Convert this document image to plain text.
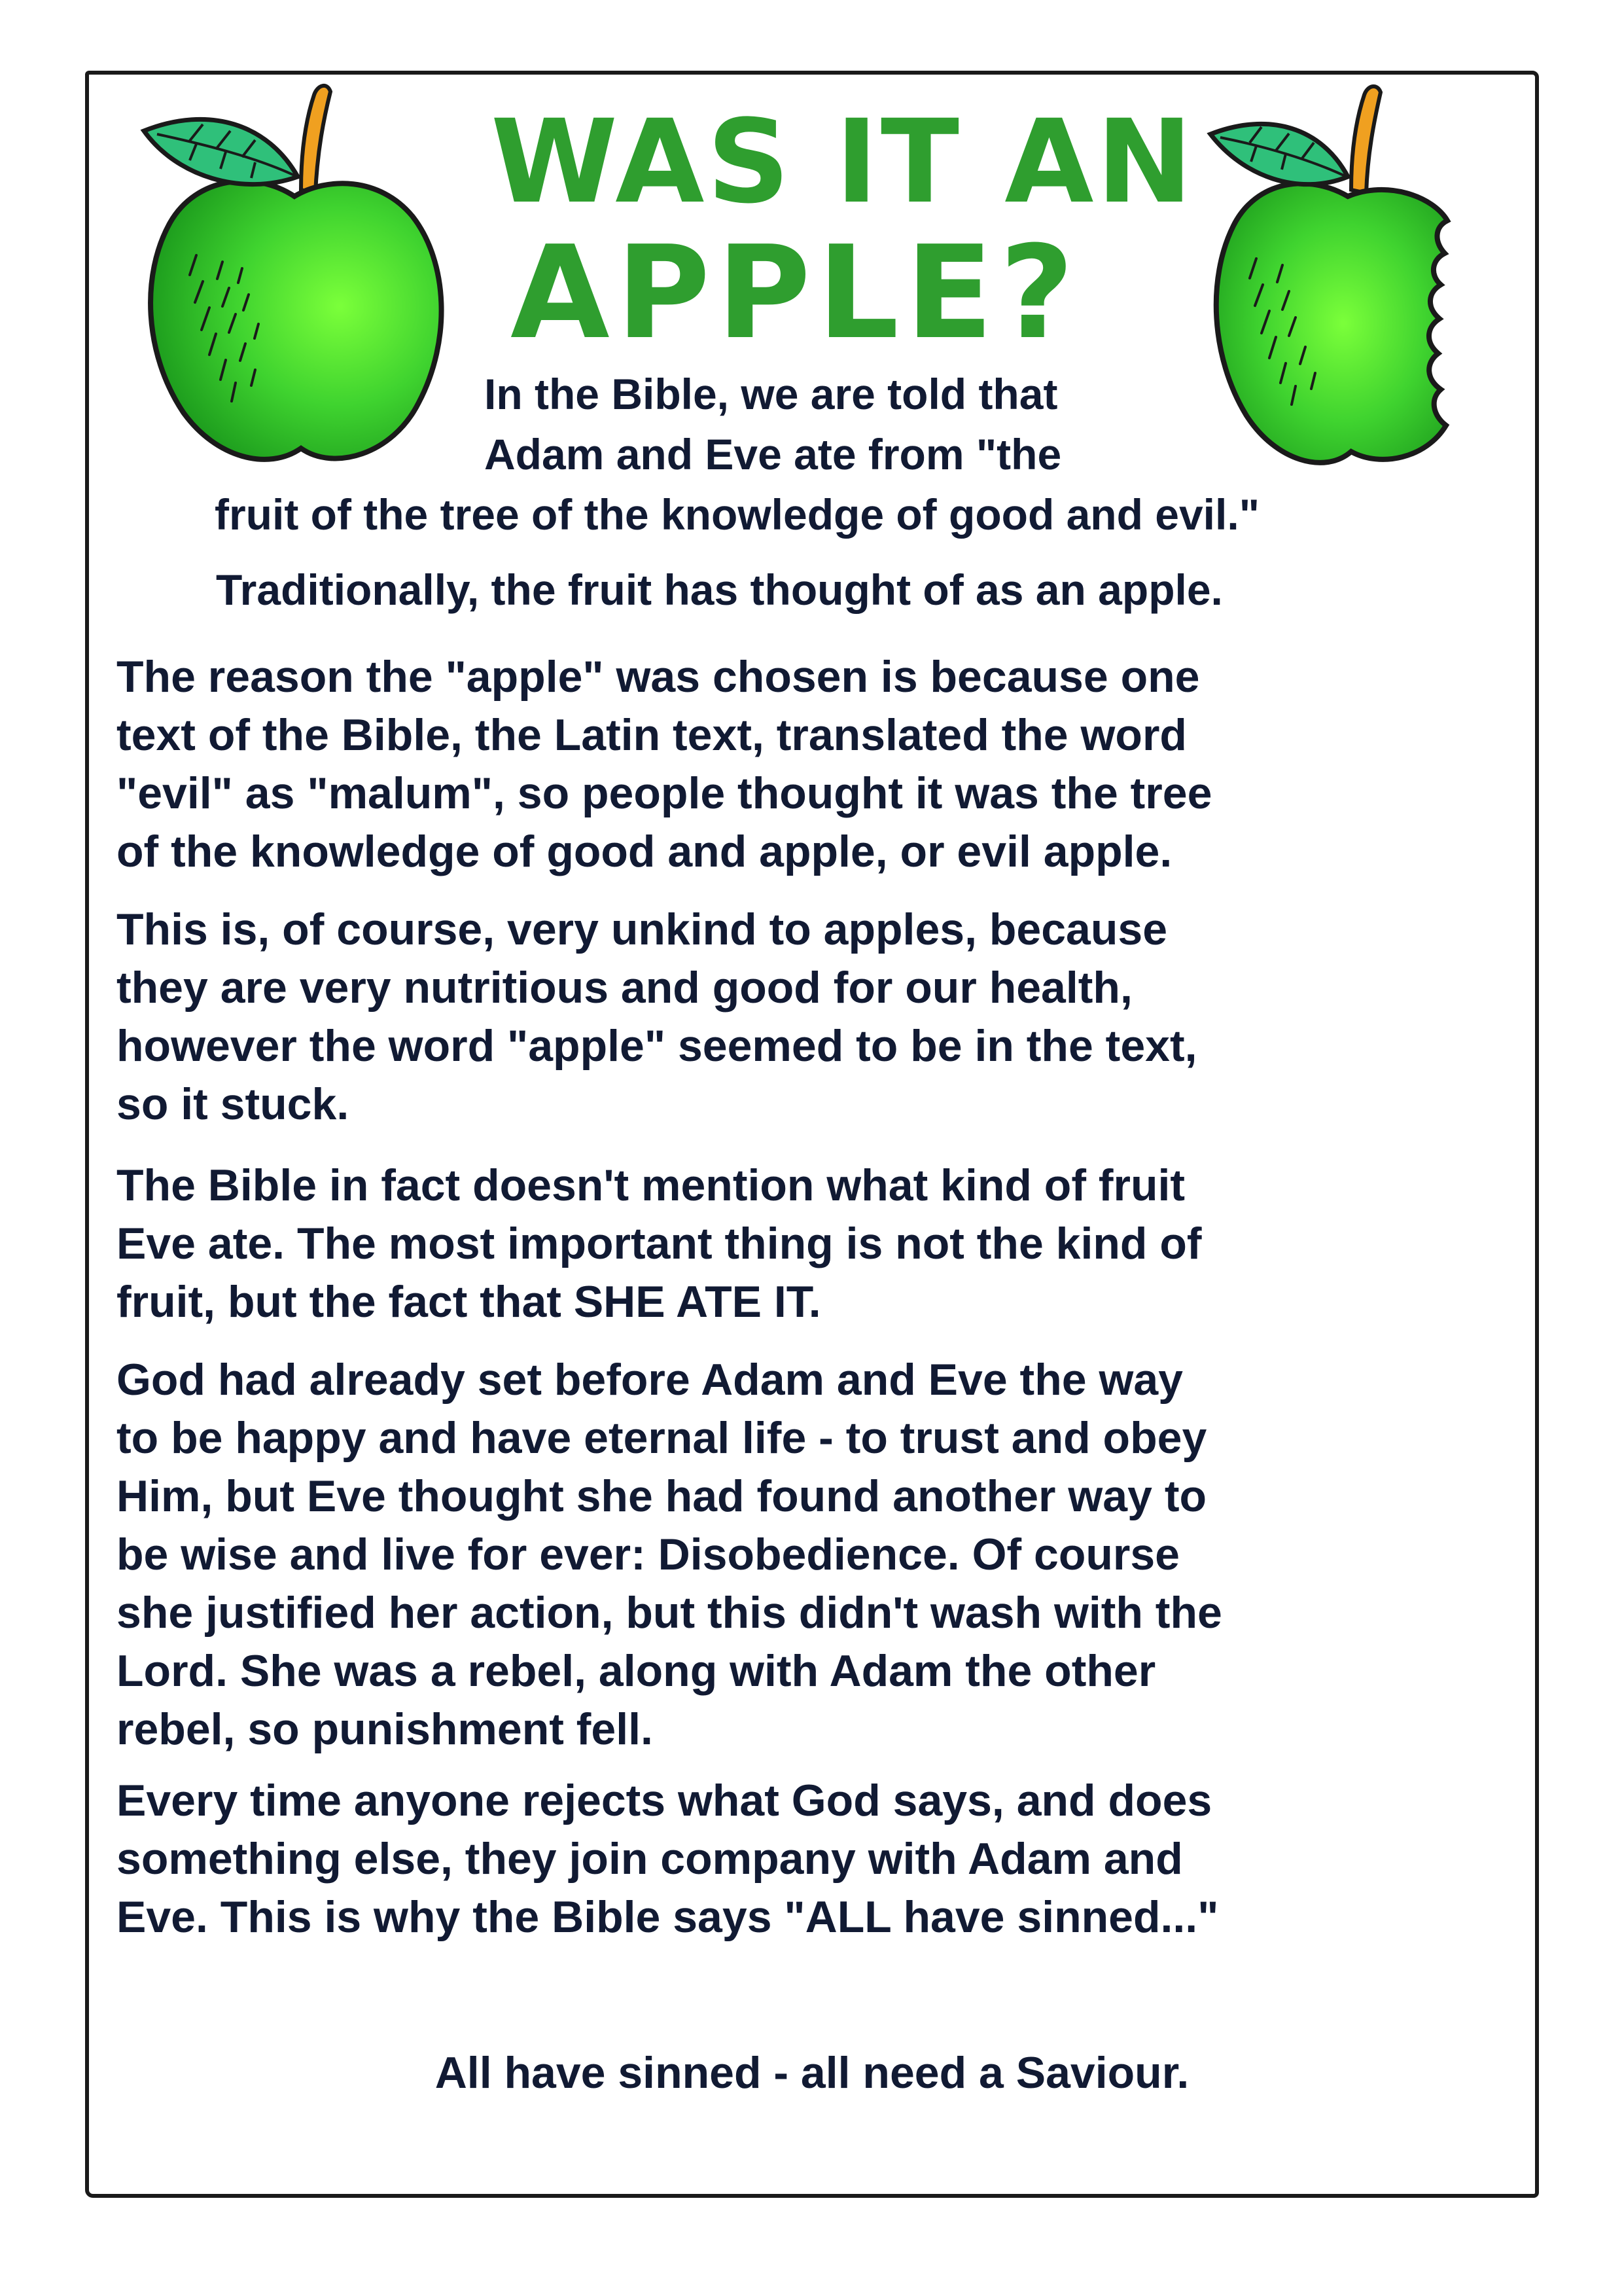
WAS IT AN
APPLE?

In the Bible, we are told that

Adam and Eve ate from "the

fruit of the tree of the knowledge of good and evil."

Traditionally, the fruit has thought of as an apple.

The reason the "apple" was chosen is because one
text of the Bible, the Latin text, translated the word
"evil" as "malum", so people thought it was the tree
of the knowledge of good and apple, or evil apple.

This is, of course, very unkind to apples, because
they are very nutritious and good for our health,
however the word "apple" seemed to be in the text,
so it stuck.

The Bible in fact doesn't mention what kind of fruit
Eve ate. The most important thing is not the kind of
fruit, but the fact that SHE ATE IT.

God had already set before Adam and Eve the way
to be happy and have eternal life - to trust and obey
Him, but Eve thought she had found another way to
be wise and live for ever: Disobedience. Of course
she justified her action, but this didn't wash with the
Lord. She was a rebel, along with Adam the other
rebel, so punishment fell.

Every time anyone rejects what God says, and does
something else, they join company with Adam and
Eve. This is why the Bible says "ALL have sinned..."

All have sinned - all need a Saviour.
